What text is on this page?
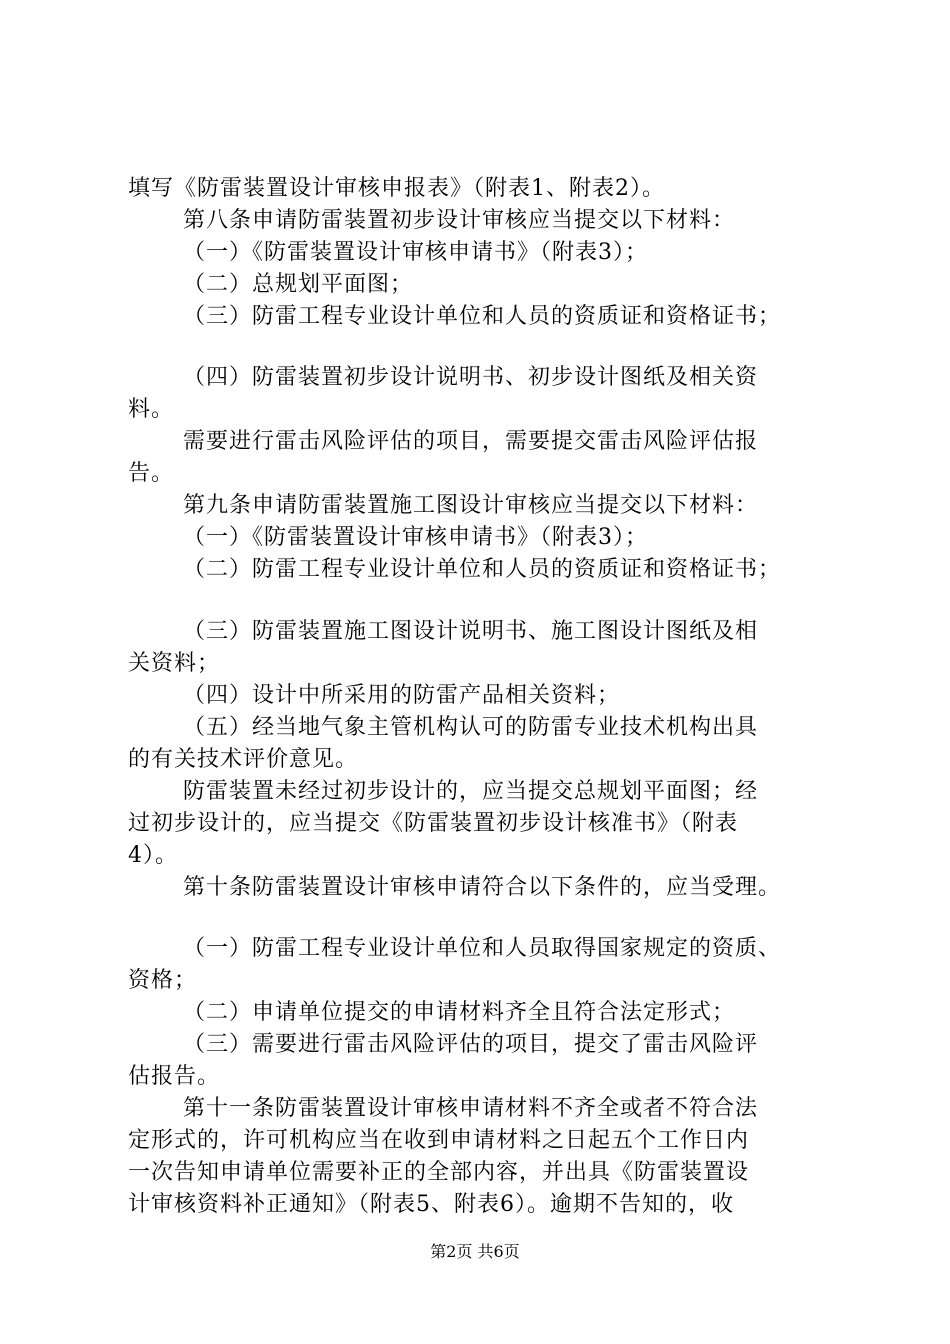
填写《防雷装置设计审核申报表》（附表1、附表2）。
第八条申请防雷装置初步设计审核应当提交以下材料：
（一）《防雷装置设计审核申请书》（附表3）；
（二）总规划平面图；
（三）防雷工程专业设计单位和人员的资质证和资格证书；
（四）防雷装置初步设计说明书、初步设计图纸及相关资
料。
需要进行雷击风险评估的项目，需要提交雷击风险评估报
告。
第九条申请防雷装置施工图设计审核应当提交以下材料：
（一）《防雷装置设计审核申请书》（附表3）；
（二）防雷工程专业设计单位和人员的资质证和资格证书；
（三）防雷装置施工图设计说明书、施工图设计图纸及相
关资料；
（四）设计中所采用的防雷产品相关资料；
（五）经当地气象主管机构认可的防雷专业技术机构出具
的有关技术评价意见。
防雷装置未经过初步设计的，应当提交总规划平面图；经
过初步设计的，应当提交《防雷装置初步设计核准书》（附表
4）。
第十条防雷装置设计审核申请符合以下条件的，应当受理。
（一）防雷工程专业设计单位和人员取得国家规定的资质、
资格；
（二）申请单位提交的申请材料齐全且符合法定形式；
（三）需要进行雷击风险评估的项目，提交了雷击风险评
估报告。
第十一条防雷装置设计审核申请材料不齐全或者不符合法
定形式的，许可机构应当在收到申请材料之日起五个工作日内
一次告知申请单位需要补正的全部内容，并出具《防雷装置设
计审核资料补正通知》（附表5、附表6）。逾期不告知的，收
第2页 共6页
